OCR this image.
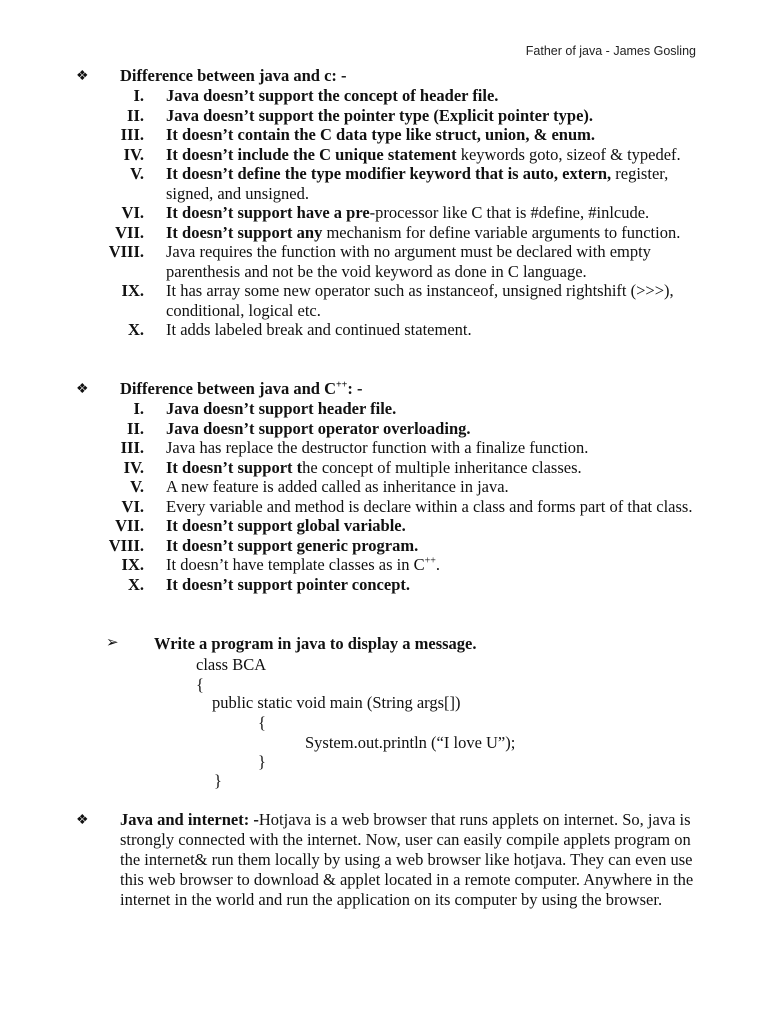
Father of java - James Gosling
❖ Difference between java and c: -
I. Java doesn’t support the concept of header file.
II. Java doesn’t support the pointer type (Explicit pointer type).
III. It doesn’t contain the C data type like struct, union, & enum.
IV. It doesn’t include the C unique statement keywords goto, sizeof & typedef.
V. It doesn’t define the type modifier keyword that is auto, extern, register, signed, and unsigned.
VI. It doesn’t support have a pre-processor like C that is #define, #inlcude.
VII. It doesn’t support any mechanism for define variable arguments to function.
VIII. Java requires the function with no argument must be declared with empty parenthesis and not be the void keyword as done in C language.
IX. It has array some new operator such as instanceof, unsigned rightshift (>>>), conditional, logical etc.
X. It adds labeled break and continued statement.
❖ Difference between java and C++: -
I. Java doesn’t support header file.
II. Java doesn’t support operator overloading.
III. Java has replace the destructor function with a finalize function.
IV. It doesn’t support the concept of multiple inheritance classes.
V. A new feature is added called as inheritance in java.
VI. Every variable and method is declare within a class and forms part of that class.
VII. It doesn’t support global variable.
VIII. It doesn’t support generic program.
IX. It doesn’t have template classes as in C++.
X. It doesn’t support pointer concept.
➢ Write a program in java to display a message.
class BCA
{
public static void main (String args[])
{
System.out.println (“I love U”);
}
}
❖ Java and internet: -Hotjava is a web browser that runs applets on internet. So, java is strongly connected with the internet. Now, user can easily compile applets program on the internet& run them locally by using a web browser like hotjava. They can even use this web browser to download & applet located in a remote computer. Anywhere in the internet in the world and run the application on its computer by using the browser.
